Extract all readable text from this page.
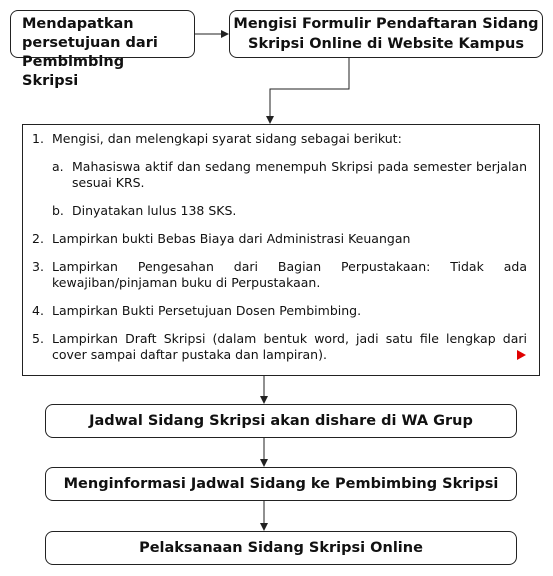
Mendapatkan persetujuan dari Pembimbing Skripsi
Mengisi Formulir Pendaftaran Sidang Skripsi Online di Website Kampus
1. Mengisi, dan melengkapi syarat sidang sebagai berikut:
a. Mahasiswa aktif dan sedang menempuh Skripsi pada semester berjalan sesuai KRS.
b. Dinyatakan lulus 138 SKS.
2. Lampirkan bukti Bebas Biaya dari Administrasi Keuangan
3. Lampirkan Pengesahan dari Bagian Perpustakaan: Tidak ada kewajiban/pinjaman buku di Perpustakaan.
4. Lampirkan Bukti Persetujuan Dosen Pembimbing.
5. Lampirkan Draft Skripsi (dalam bentuk word, jadi satu file lengkap dari cover sampai daftar pustaka dan lampiran).
Jadwal Sidang Skripsi akan dishare di WA Grup
Menginformasi Jadwal Sidang ke Pembimbing Skripsi
Pelaksanaan Sidang Skripsi Online
